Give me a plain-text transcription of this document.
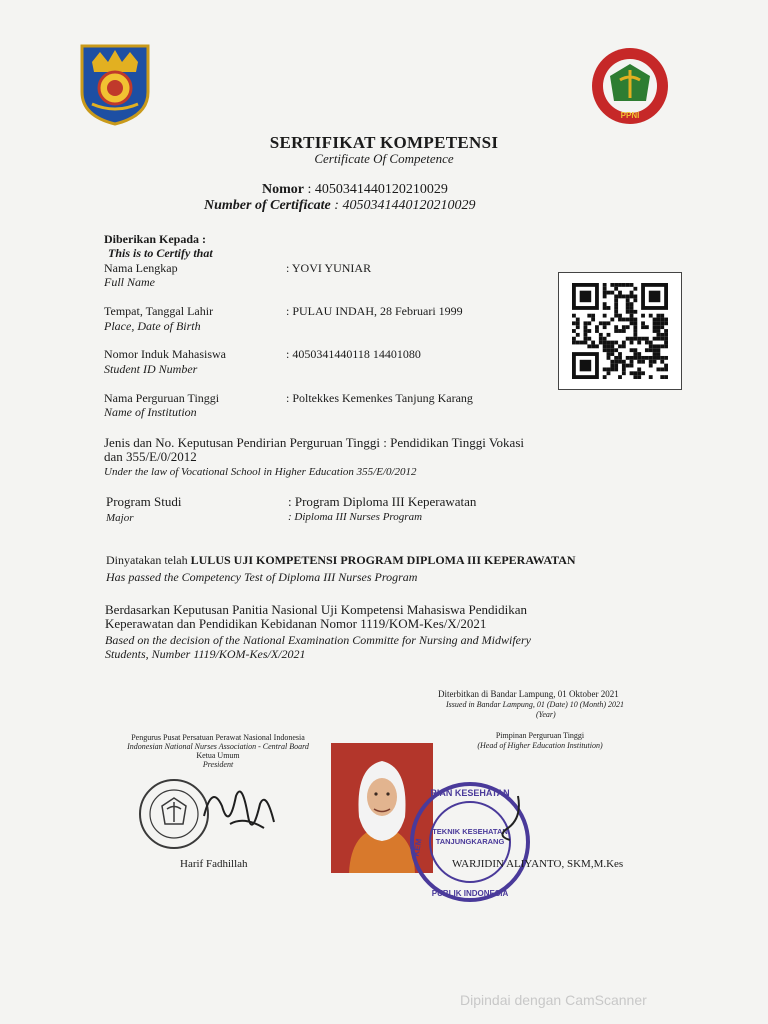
PPNI
SERTIFIKAT KOMPETENSI
Certificate Of Competence
Nomor : 4050341440120210029
Number of Certificate : 4050341440120210029
Diberikan Kepada :
This is to Certify that
Nama Lengkap
Full Name
: YOVI YUNIAR
Tempat, Tanggal Lahir
Place, Date of Birth
: PULAU INDAH, 28 Februari 1999
Nomor Induk Mahasiswa
Student ID Number
: 4050341440118 14401080
Nama Perguruan Tinggi
Name of Institution
: Poltekkes Kemenkes Tanjung Karang
Jenis dan No. Keputusan Pendirian Perguruan Tinggi : Pendidikan Tinggi Vokasi
dan 355/E/0/2012
Under the law of Vocational School in Higher Education 355/E/0/2012
Program Studi
Major
: Program Diploma III Keperawatan
: Diploma III Nurses Program
Dinyatakan telah LULUS UJI KOMPETENSI PROGRAM DIPLOMA III KEPERAWATAN
Has passed the Competency Test of Diploma III Nurses Program
Berdasarkan Keputusan Panitia Nasional Uji Kompetensi Mahasiswa Pendidikan
Keperawatan dan Pendidikan Kebidanan Nomor 1119/KOM-Kes/X/2021
Based on the decision of the National Examination Committe for Nursing and Midwifery
Students, Number 1119/KOM-Kes/X/2021
Diterbitkan di Bandar Lampung, 01 Oktober 2021
Issued in Bandar Lampung, 01 (Date) 10 (Month) 2021
(Year)
Pengurus Pusat Persatuan Perawat Nasional Indonesia
Indonesian National Nurses Association - Central Board
Ketua Umum
President
Harif Fadhillah
Pimpinan Perguruan Tinggi
(Head of Higher Education Institution)
RIAN KESEHATAN
TEKNIK KESEHATAN
TANJUNGKARANG
PUBLIK INDONESIA
KEM
WARJIDIN ALIYANTO, SKM,M.Kes
Dipindai dengan CamScanner
